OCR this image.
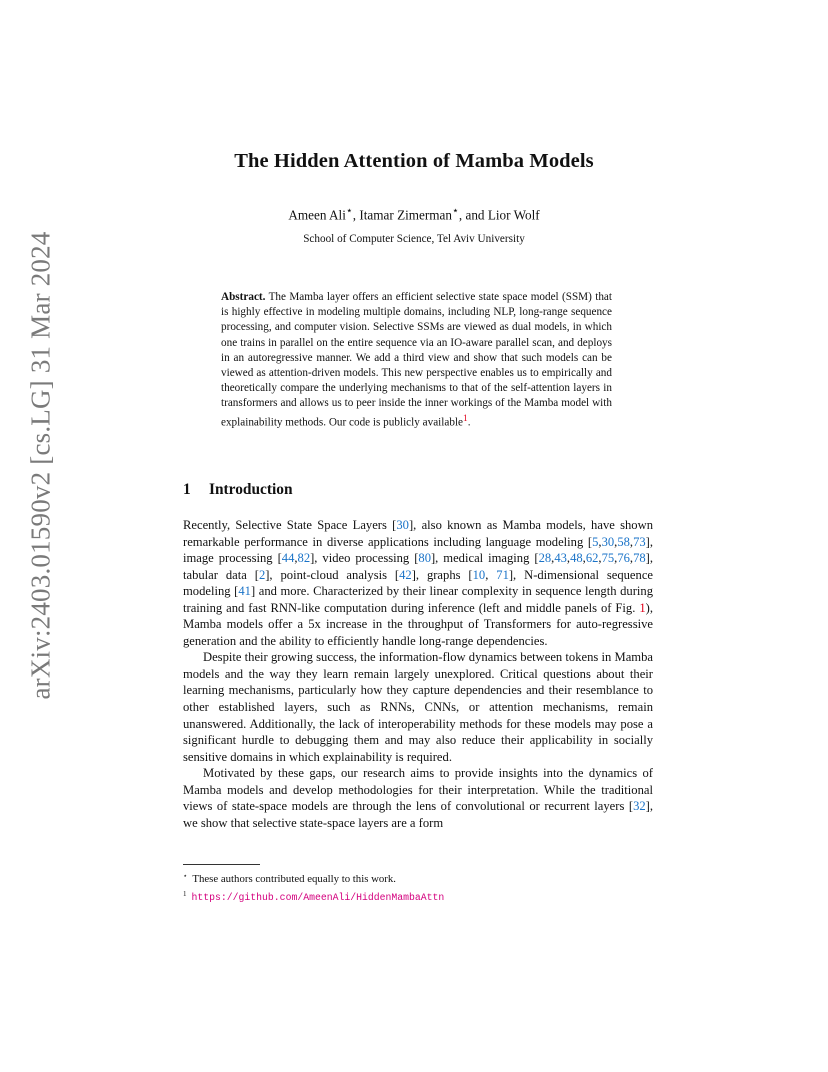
arXiv:2403.01590v2 [cs.LG] 31 Mar 2024
The Hidden Attention of Mamba Models
Ameen Ali⋆, Itamar Zimerman⋆, and Lior Wolf
School of Computer Science, Tel Aviv University
Abstract. The Mamba layer offers an efficient selective state space model (SSM) that is highly effective in modeling multiple domains, including NLP, long-range sequence processing, and computer vision. Selective SSMs are viewed as dual models, in which one trains in parallel on the entire sequence via an IO-aware parallel scan, and deploys in an autoregressive manner. We add a third view and show that such models can be viewed as attention-driven models. This new perspective enables us to empirically and theoretically compare the underlying mechanisms to that of the self-attention layers in transformers and allows us to peer inside the inner workings of the Mamba model with explainability methods. Our code is publicly available$^1$.
1 Introduction

Recently, Selective State Space Layers [30], also known as Mamba models, have shown remarkable performance in diverse applications including language modeling [5,30,58,73], image processing [44,82], video processing [80], medical imaging [28,43,48,62,75,76,78], tabular data [2], point-cloud analysis [42], graphs [10, 71], N-dimensional sequence modeling [41] and more. Characterized by their linear complexity in sequence length during training and fast RNN-like computation during inference (left and middle panels of Fig. 1), Mamba models offer a 5x increase in the throughput of Transformers for auto-regressive generation and the ability to efficiently handle long-range dependencies.

Despite their growing success, the information-flow dynamics between tokens in Mamba models and the way they learn remain largely unexplored. Critical questions about their learning mechanisms, particularly how they capture dependencies and their resemblance to other established layers, such as RNNs, CNNs, or attention mechanisms, remain unanswered. Additionally, the lack of interoperability methods for these models may pose a significant hurdle to debugging them and may also reduce their applicability in socially sensitive domains in which explainability is required.

Motivated by these gaps, our research aims to provide insights into the dynamics of Mamba models and develop methodologies for their interpretation. While the traditional views of state-space models are through the lens of convolutional or recurrent layers [32], we show that selective state-space layers are a form

⋆ These authors contributed equally to this work.
$^1$ https://github.com/AmeenAli/HiddenMambaAttn
